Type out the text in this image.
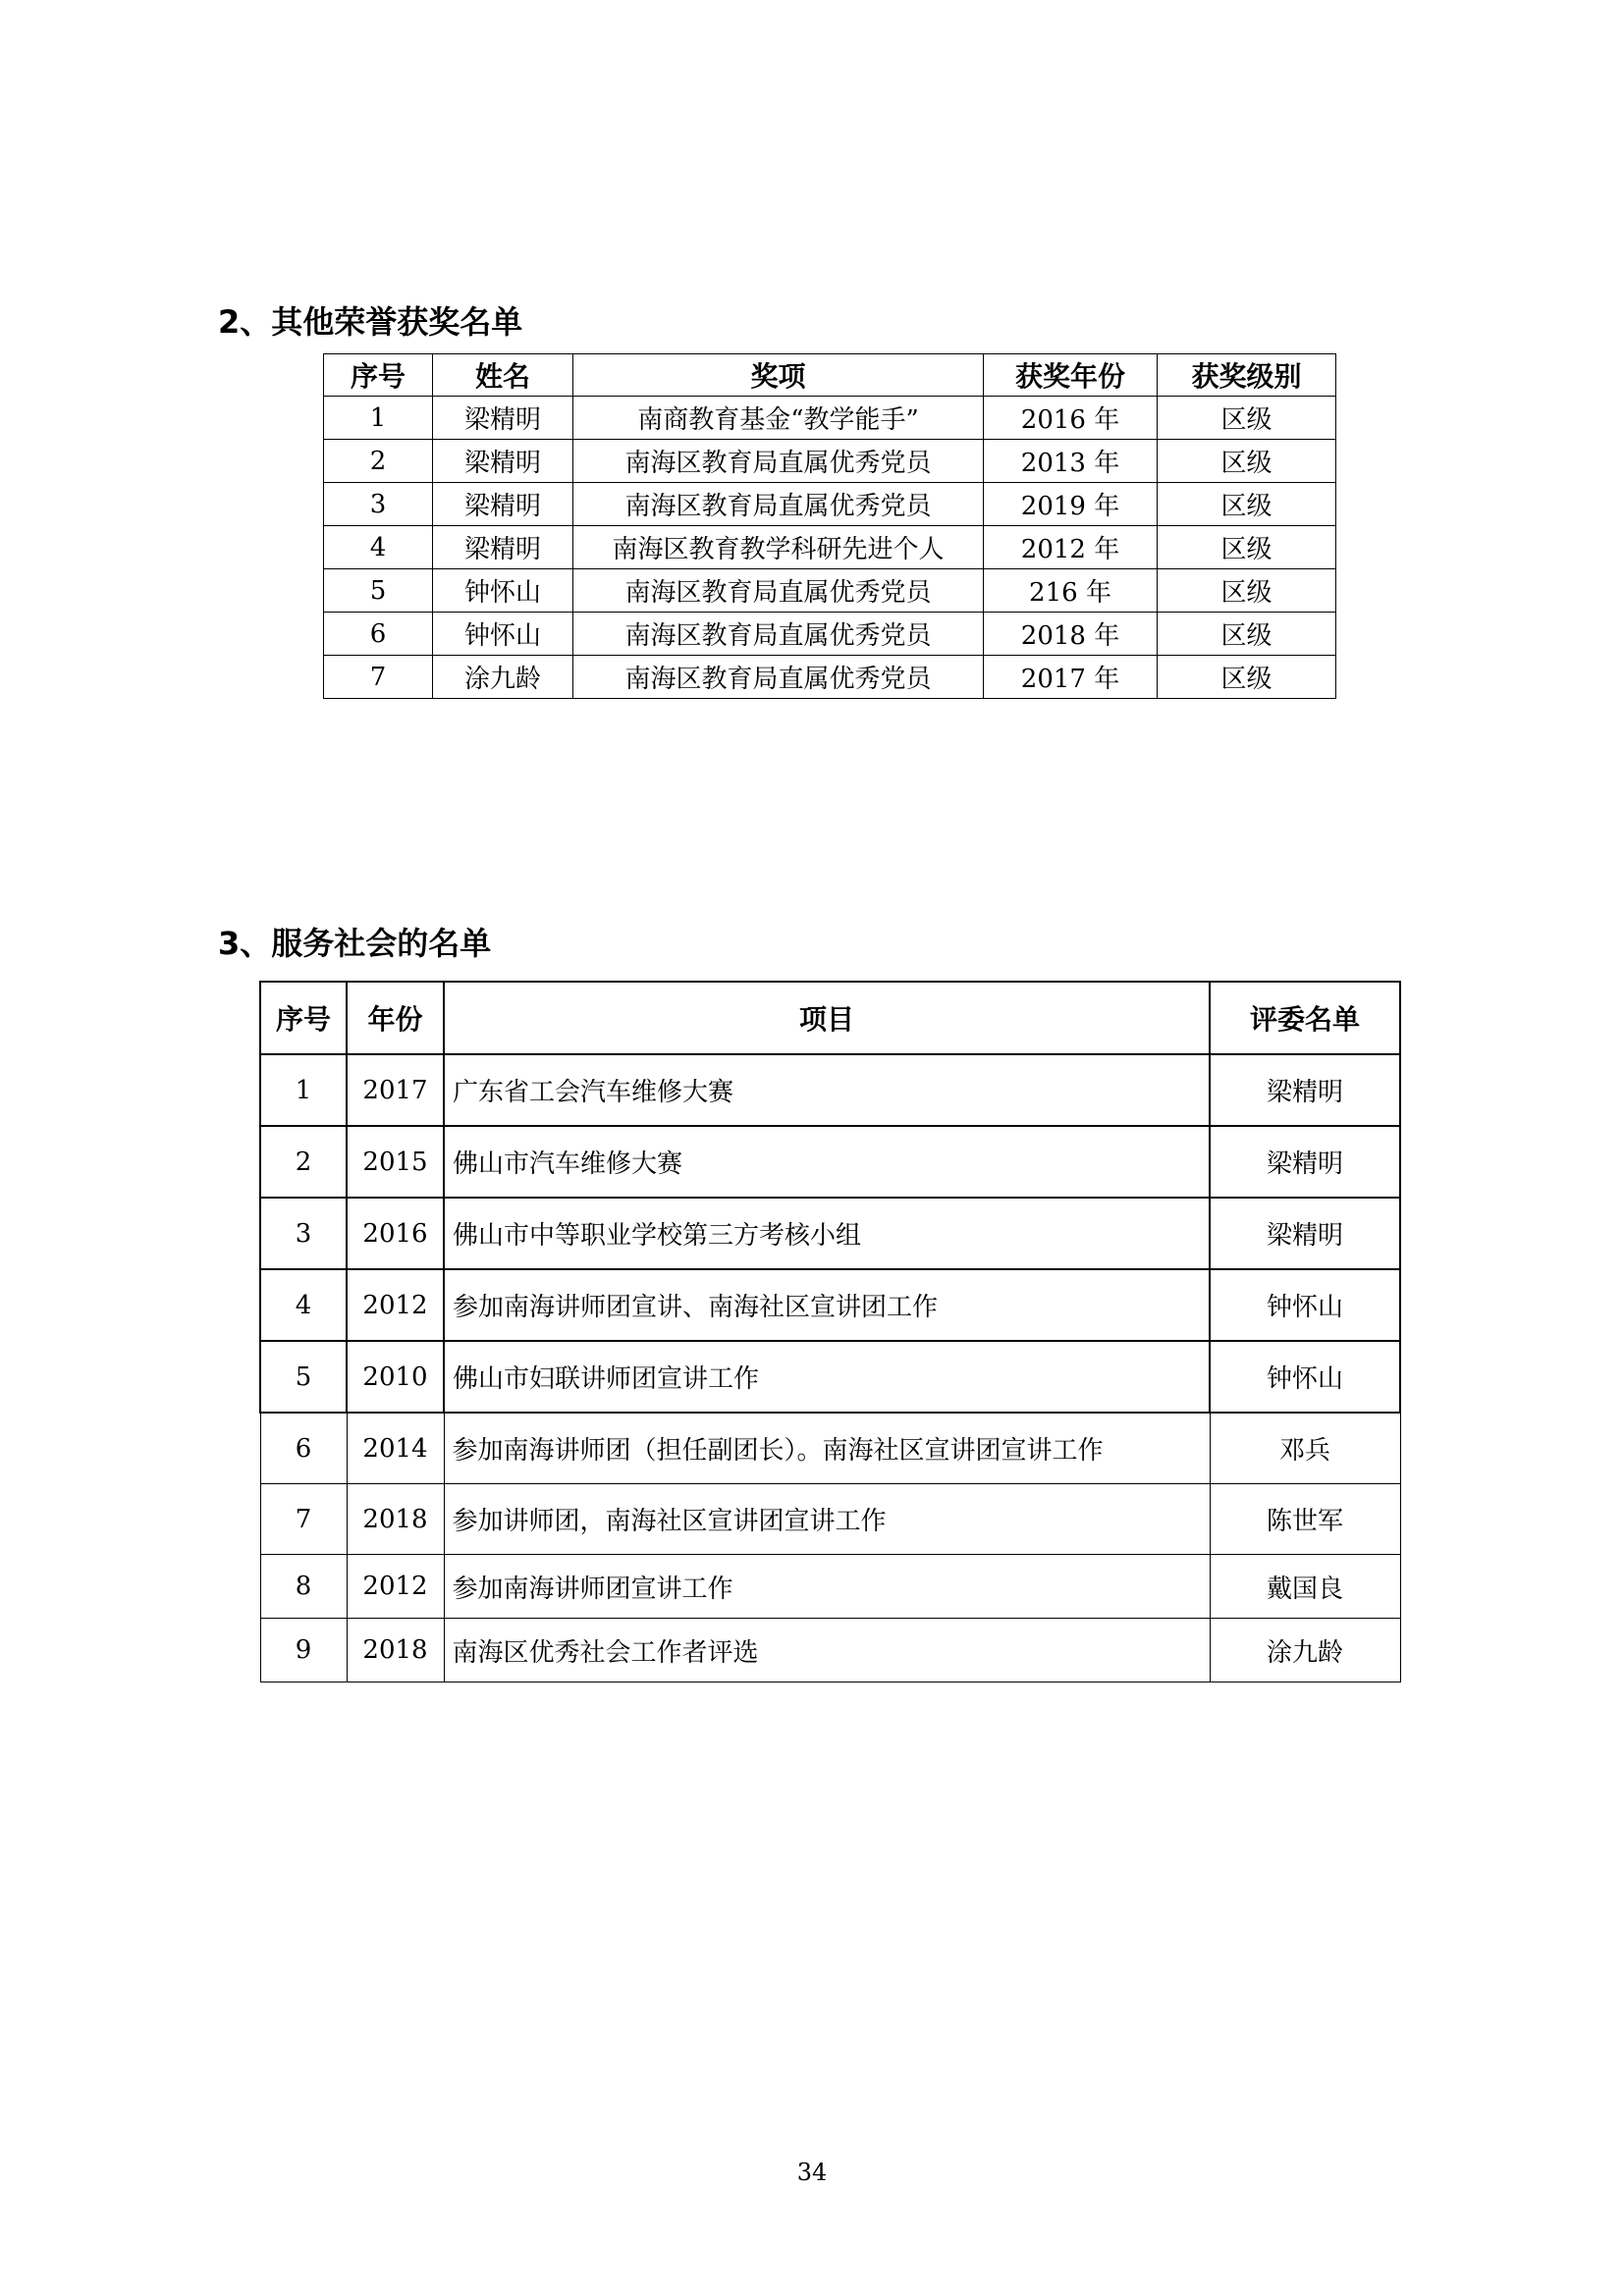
2、其他荣誉获奖名单
序号	姓名	奖项	获奖年份	获奖级别
1	梁精明	南商教育基金“教学能手”	2016 年	区级
2	梁精明	南海区教育局直属优秀党员	2013 年	区级
3	梁精明	南海区教育局直属优秀党员	2019 年	区级
4	梁精明	南海区教育教学科研先进个人	2012 年	区级
5	钟怀山	南海区教育局直属优秀党员	216 年	区级
6	钟怀山	南海区教育局直属优秀党员	2018 年	区级
7	涂九龄	南海区教育局直属优秀党员	2017 年	区级
3、服务社会的名单
序号	年份	项目	评委名单
1	2017	广东省工会汽车维修大赛	梁精明
2	2015	佛山市汽车维修大赛	梁精明
3	2016	佛山市中等职业学校第三方考核小组	梁精明
4	2012	参加南海讲师团宣讲、南海社区宣讲团工作	钟怀山
5	2010	佛山市妇联讲师团宣讲工作	钟怀山
6	2014	参加南海讲师团（担任副团长）。南海社区宣讲团宣讲工作	邓兵
7	2018	参加讲师团，南海社区宣讲团宣讲工作	陈世军
8	2012	参加南海讲师团宣讲工作	戴国良
9	2018	南海区优秀社会工作者评选	涂九龄
34
